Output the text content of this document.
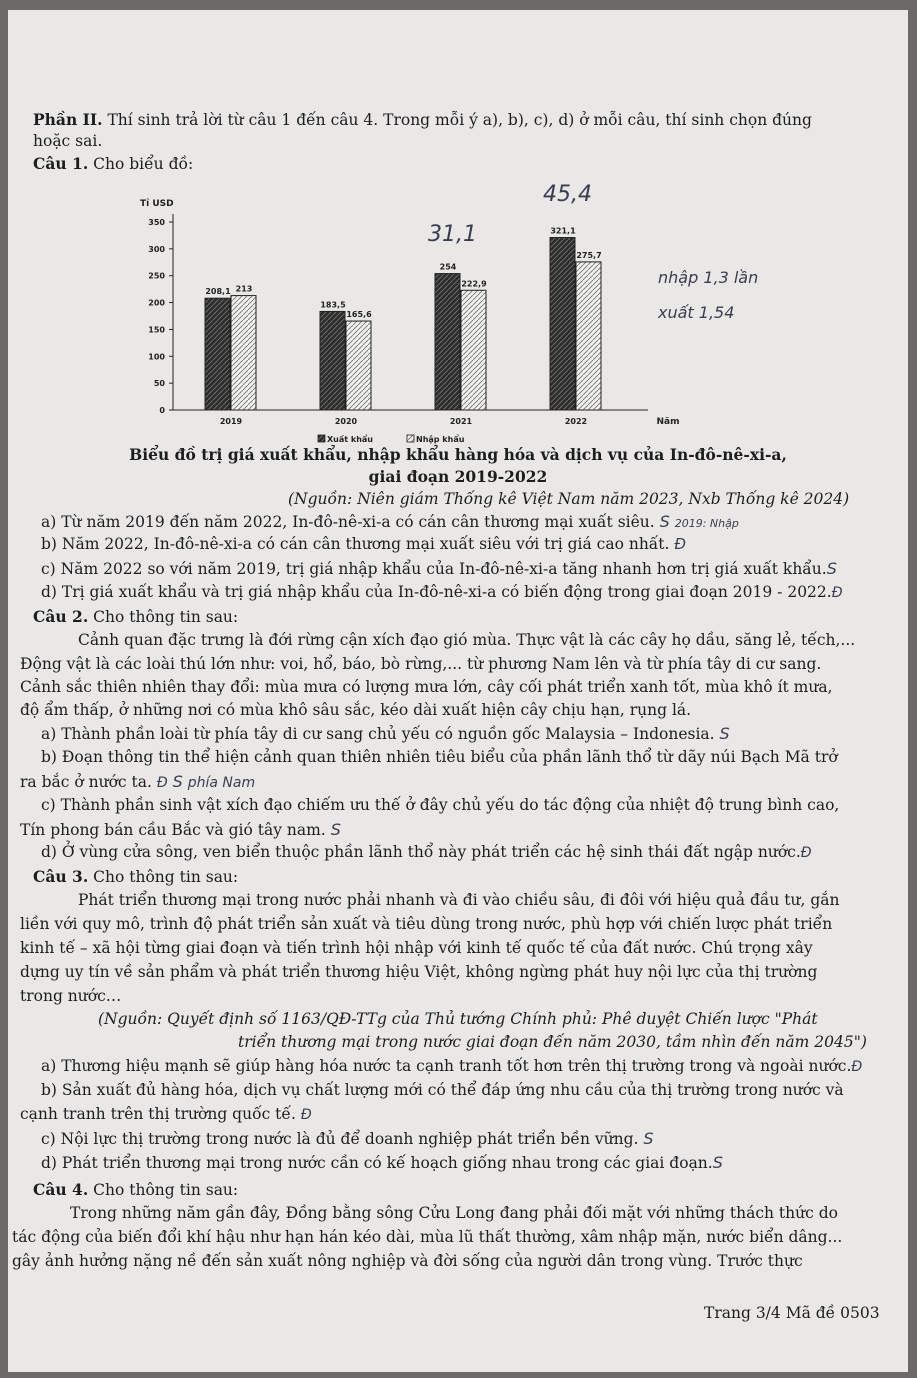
Phần II. Thí sinh trả lời từ câu 1 đến câu 4. Trong mỗi ý a), b), c), d) ở mỗi câu, thí sinh chọn đúng
hoặc sai.
Câu 1. Cho biểu đồ:
Tỉ USD
0
50
100
150
200
250
300
350
208,1 213
2019
183,5
165,6
2020
254
222,9
2021
321,1
275,7
2022	Năm
Xuất khẩu	Nhập khẩu
45,4
31,1
nhập 1,3 lần
xuất 1,54
Biểu đồ trị giá xuất khẩu, nhập khẩu hàng hóa và dịch vụ của In-đô-nê-xi-a,
giai đoạn 2019-2022
(Nguồn: Niên giám Thống kê Việt Nam năm 2023, Nxb Thống kê 2024)
a) Từ năm 2019 đến năm 2022, In-đô-nê-xi-a có cán cân thương mại xuất siêu. S 2019: Nhập
b) Năm 2022, In-đô-nê-xi-a có cán cân thương mại xuất siêu với trị giá cao nhất. Đ
c) Năm 2022 so với năm 2019, trị giá nhập khẩu của In-đô-nê-xi-a tăng nhanh hơn trị giá xuất khẩu.S
d) Trị giá xuất khẩu và trị giá nhập khẩu của In-đô-nê-xi-a có biến động trong giai đoạn 2019 - 2022.Đ
Câu 2. Cho thông tin sau:
Cảnh quan đặc trưng là đới rừng cận xích đạo gió mùa. Thực vật là các cây họ dầu, săng lẻ, tếch,...
Động vật là các loài thú lớn như: voi, hổ, báo, bò rừng,... từ phương Nam lên và từ phía tây di cư sang.
Cảnh sắc thiên nhiên thay đổi: mùa mưa có lượng mưa lớn, cây cối phát triển xanh tốt, mùa khô ít mưa,
độ ẩm thấp, ở những nơi có mùa khô sâu sắc, kéo dài xuất hiện cây chịu hạn, rụng lá.
a) Thành phần loài từ phía tây di cư sang chủ yếu có nguồn gốc Malaysia – Indonesia. S
b) Đoạn thông tin thể hiện cảnh quan thiên nhiên tiêu biểu của phần lãnh thổ từ dãy núi Bạch Mã trở
ra bắc ở nước ta. Đ S phía Nam
c) Thành phần sinh vật xích đạo chiếm ưu thế ở đây chủ yếu do tác động của nhiệt độ trung bình cao,
Tín phong bán cầu Bắc và gió tây nam. S
d) Ở vùng cửa sông, ven biển thuộc phần lãnh thổ này phát triển các hệ sinh thái đất ngập nước.Đ
Câu 3. Cho thông tin sau:
Phát triển thương mại trong nước phải nhanh và đi vào chiều sâu, đi đôi với hiệu quả đầu tư, gắn
liền với quy mô, trình độ phát triển sản xuất và tiêu dùng trong nước, phù hợp với chiến lược phát triển
kinh tế – xã hội từng giai đoạn và tiến trình hội nhập với kinh tế quốc tế của đất nước. Chú trọng xây
dựng uy tín về sản phẩm và phát triển thương hiệu Việt, không ngừng phát huy nội lực của thị trường
trong nước…
(Nguồn: Quyết định số 1163/QĐ-TTg của Thủ tướng Chính phủ: Phê duyệt Chiến lược "Phát
triển thương mại trong nước giai đoạn đến năm 2030, tầm nhìn đến năm 2045")
a) Thương hiệu mạnh sẽ giúp hàng hóa nước ta cạnh tranh tốt hơn trên thị trường trong và ngoài nước.Đ
b) Sản xuất đủ hàng hóa, dịch vụ chất lượng mới có thể đáp ứng nhu cầu của thị trường trong nước và
cạnh tranh trên thị trường quốc tế. Đ
c) Nội lực thị trường trong nước là đủ để doanh nghiệp phát triển bền vững. S
d) Phát triển thương mại trong nước cần có kế hoạch giống nhau trong các giai đoạn.S
Câu 4. Cho thông tin sau:
Trong những năm gần đây, Đồng bằng sông Cửu Long đang phải đối mặt với những thách thức do
tác động của biến đổi khí hậu như hạn hán kéo dài, mùa lũ thất thường, xâm nhập mặn, nước biển dâng...
gây ảnh hưởng nặng nề đến sản xuất nông nghiệp và đời sống của người dân trong vùng. Trước thực
Trang 3/4 Mã đề 0503
